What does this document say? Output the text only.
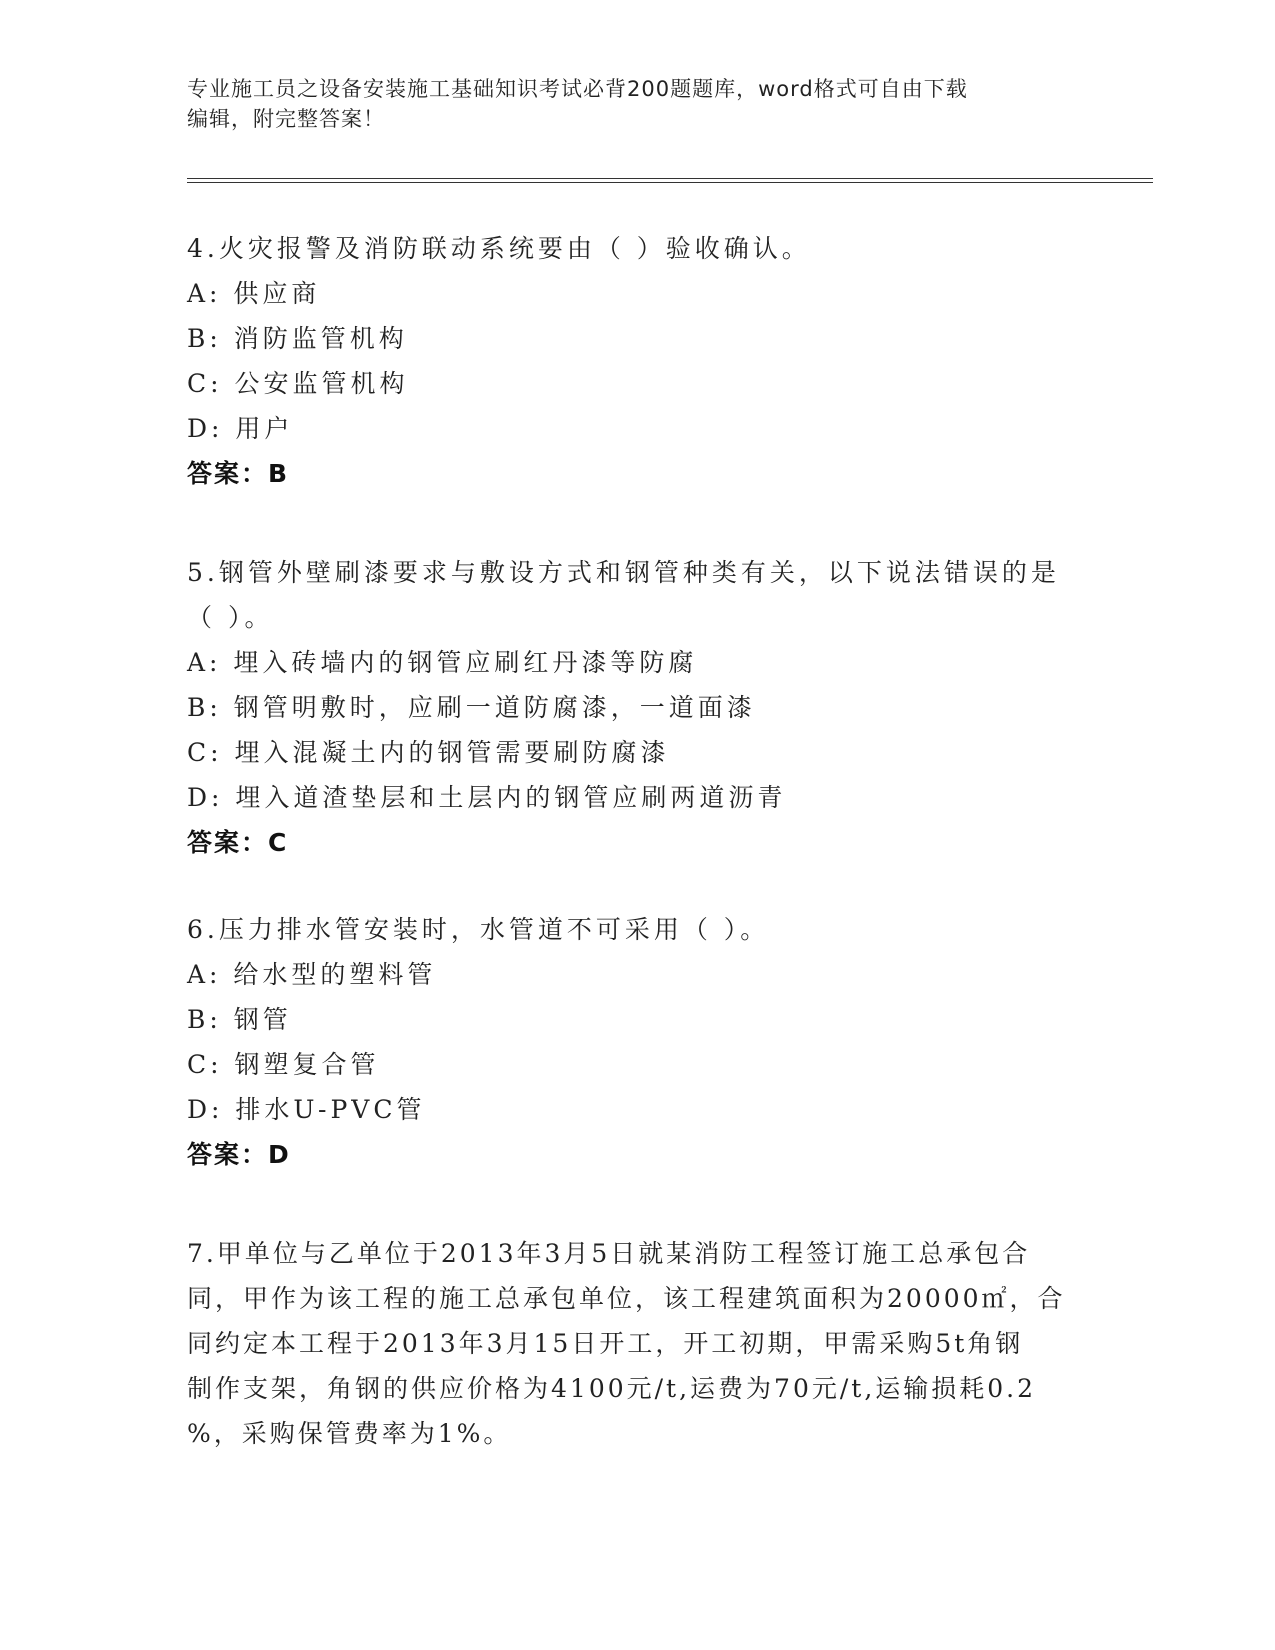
专业施工员之设备安装施工基础知识考试必背200题题库，word格式可自由下载
编辑，附完整答案！
4.火灾报警及消防联动系统要由（ ）验收确认。
A: 供应商
B: 消防监管机构
C: 公安监管机构
D: 用户
答案：B
5.钢管外壁刷漆要求与敷设方式和钢管种类有关，以下说法错误的是
（ ）。
A: 埋入砖墙内的钢管应刷红丹漆等防腐
B: 钢管明敷时，应刷一道防腐漆，一道面漆
C: 埋入混凝土内的钢管需要刷防腐漆
D: 埋入道渣垫层和土层内的钢管应刷两道沥青
答案：C
6.压力排水管安装时，水管道不可采用（ ）。
A: 给水型的塑料管
B: 钢管
C: 钢塑复合管
D: 排水U-PVC管
答案：D
7.甲单位与乙单位于2013年3月5日就某消防工程签订施工总承包合
同，甲作为该工程的施工总承包单位，该工程建筑面积为20000㎡，合
同约定本工程于2013年3月15日开工，开工初期，甲需采购5t角钢
制作支架，角钢的供应价格为4100元/t,运费为70元/t,运输损耗0.2
%，采购保管费率为1%。
